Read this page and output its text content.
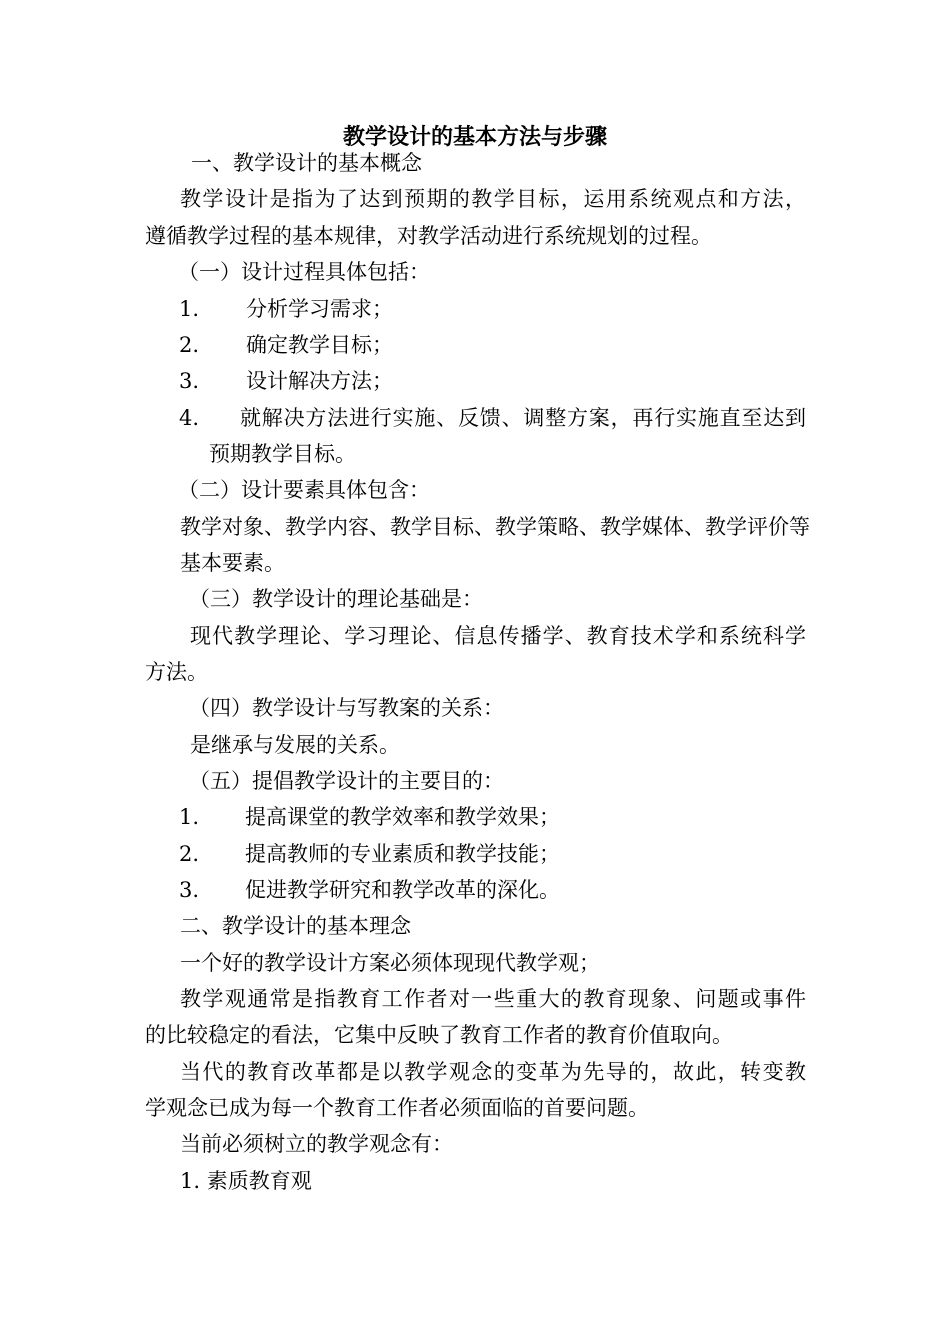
教学设计的基本方法与步骤
一、教学设计的基本概念
教学设计是指为了达到预期的教学目标，运用系统观点和方法，
遵循教学过程的基本规律，对教学活动进行系统规划的过程。
（一）设计过程具体包括：
1. 分析学习需求；
2. 确定教学目标；
3. 设计解决方法；
4. 就解决方法进行实施、反馈、调整方案，再行实施直至达到
预期教学目标。
（二）设计要素具体包含：
教学对象、教学内容、教学目标、教学策略、教学媒体、教学评价等
基本要素。
（三）教学设计的理论基础是：
现代教学理论、学习理论、信息传播学、教育技术学和系统科学
方法。
（四）教学设计与写教案的关系：
是继承与发展的关系。
（五）提倡教学设计的主要目的：
1. 提高课堂的教学效率和教学效果；
2. 提高教师的专业素质和教学技能；
3. 促进教学研究和教学改革的深化。
二、教学设计的基本理念
一个好的教学设计方案必须体现现代教学观；
教学观通常是指教育工作者对一些重大的教育现象、问题或事件
的比较稳定的看法，它集中反映了教育工作者的教育价值取向。
当代的教育改革都是以教学观念的变革为先导的，故此，转变教
学观念已成为每一个教育工作者必须面临的首要问题。
当前必须树立的教学观念有：
1. 素质教育观
